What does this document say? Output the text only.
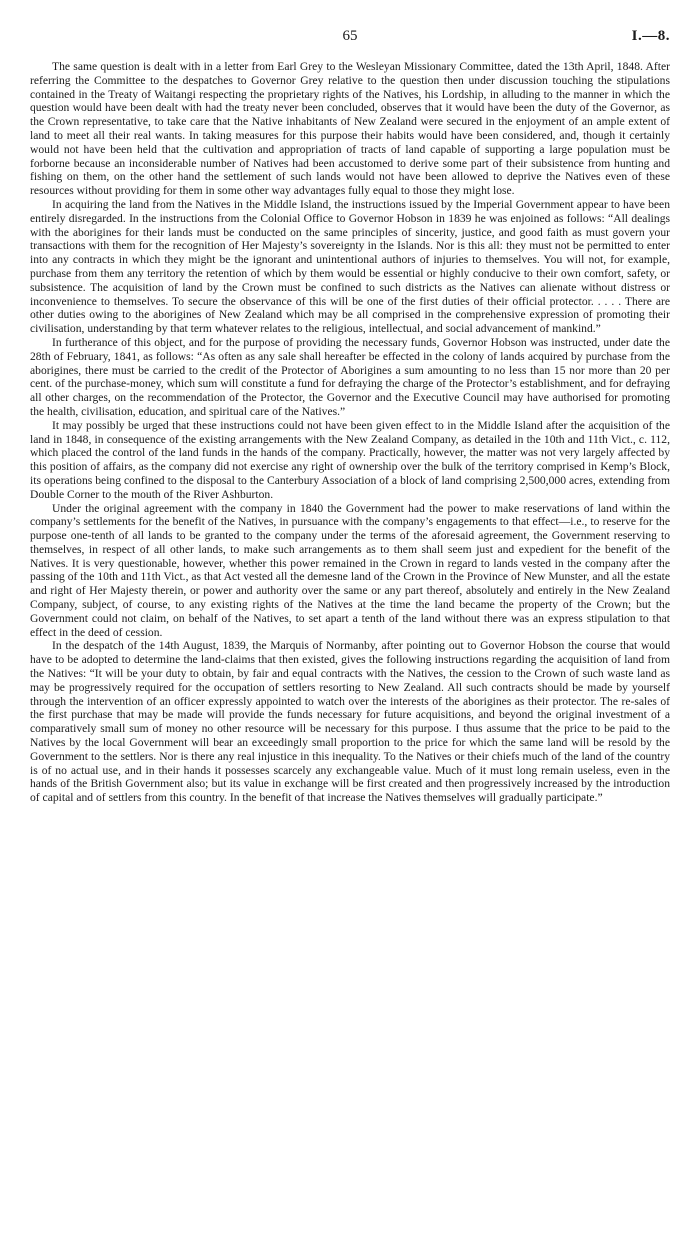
65	I.—8.

The same question is dealt with in a letter from Earl Grey to the Wesleyan Missionary Committee, dated the 13th April, 1848. After referring the Committee to the despatches to Governor Grey relative to the question then under discussion touching the stipulations contained in the Treaty of Waitangi respecting the proprietary rights of the Natives, his Lordship, in alluding to the manner in which the question would have been dealt with had the treaty never been concluded, observes that it would have been the duty of the Governor, as the Crown representative, to take care that the Native inhabitants of New Zealand were secured in the enjoyment of an ample extent of land to meet all their real wants. In taking measures for this purpose their habits would have been considered, and, though it certainly would not have been held that the cultivation and appropriation of tracts of land capable of supporting a large population must be forborne because an inconsiderable number of Natives had been accustomed to derive some part of their subsistence from hunting and fishing on them, on the other hand the settlement of such lands would not have been allowed to deprive the Natives even of these resources without providing for them in some other way advantages fully equal to those they might lose.

In acquiring the land from the Natives in the Middle Island, the instructions issued by the Imperial Government appear to have been entirely disregarded. In the instructions from the Colonial Office to Governor Hobson in 1839 he was enjoined as follows: “All dealings with the aborigines for their lands must be conducted on the same principles of sincerity, justice, and good faith as must govern your transactions with them for the recognition of Her Majesty’s sovereignty in the Islands. Nor is this all: they must not be permitted to enter into any contracts in which they might be the ignorant and unintentional authors of injuries to themselves. You will not, for example, purchase from them any territory the retention of which by them would be essential or highly conducive to their own comfort, safety, or subsistence. The acquisition of land by the Crown must be confined to such districts as the Natives can alienate without distress or inconvenience to themselves. To secure the observance of this will be one of the first duties of their official protector. . . . . There are other duties owing to the aborigines of New Zealand which may be all comprised in the comprehensive expression of promoting their civilisation, understanding by that term whatever relates to the religious, intellectual, and social advancement of mankind.”

In furtherance of this object, and for the purpose of providing the necessary funds, Governor Hobson was instructed, under date the 28th of February, 1841, as follows: “As often as any sale shall hereafter be effected in the colony of lands acquired by purchase from the aborigines, there must be carried to the credit of the Protector of Aborigines a sum amounting to no less than 15 nor more than 20 per cent. of the purchase-money, which sum will constitute a fund for defraying the charge of the Protector’s establishment, and for defraying all other charges, on the recommendation of the Protector, the Governor and the Executive Council may have authorised for promoting the health, civilisation, education, and spiritual care of the Natives.”

It may possibly be urged that these instructions could not have been given effect to in the Middle Island after the acquisition of the land in 1848, in consequence of the existing arrangements with the New Zealand Company, as detailed in the 10th and 11th Vict., c. 112, which placed the control of the land funds in the hands of the company. Practically, however, the matter was not very largely affected by this position of affairs, as the company did not exercise any right of ownership over the bulk of the territory comprised in Kemp’s Block, its operations being confined to the disposal to the Canterbury Association of a block of land comprising 2,500,000 acres, extending from Double Corner to the mouth of the River Ashburton.

Under the original agreement with the company in 1840 the Government had the power to make reservations of land within the company’s settlements for the benefit of the Natives, in pursuance with the company’s engagements to that effect—i.e., to reserve for the purpose one-tenth of all lands to be granted to the company under the terms of the aforesaid agreement, the Government reserving to themselves, in respect of all other lands, to make such arrangements as to them shall seem just and expedient for the benefit of the Natives. It is very questionable, however, whether this power remained in the Crown in regard to lands vested in the company after the passing of the 10th and 11th Vict., as that Act vested all the demesne land of the Crown in the Province of New Munster, and all the estate and right of Her Majesty therein, or power and authority over the same or any part thereof, absolutely and entirely in the New Zealand Company, subject, of course, to any existing rights of the Natives at the time the land became the property of the Crown; but the Government could not claim, on behalf of the Natives, to set apart a tenth of the land without there was an express stipulation to that effect in the deed of cession.

In the despatch of the 14th August, 1839, the Marquis of Normanby, after pointing out to Governor Hobson the course that would have to be adopted to determine the land-claims that then existed, gives the following instructions regarding the acquisition of land from the Natives: “It will be your duty to obtain, by fair and equal contracts with the Natives, the cession to the Crown of such waste land as may be progressively required for the occupation of settlers resorting to New Zealand. All such contracts should be made by yourself through the intervention of an officer expressly appointed to watch over the interests of the aborigines as their protector. The re-sales of the first purchase that may be made will provide the funds necessary for future acquisitions, and beyond the original investment of a comparatively small sum of money no other resource will be necessary for this purpose. I thus assume that the price to be paid to the Natives by the local Government will bear an exceedingly small proportion to the price for which the same land will be resold by the Government to the settlers. Nor is there any real injustice in this inequality. To the Natives or their chiefs much of the land of the country is of no actual use, and in their hands it possesses scarcely any exchangeable value. Much of it must long remain useless, even in the hands of the British Government also; but its value in exchange will be first created and then progressively increased by the introduction of capital and of settlers from this country. In the benefit of that increase the Natives themselves will gradually participate.”
